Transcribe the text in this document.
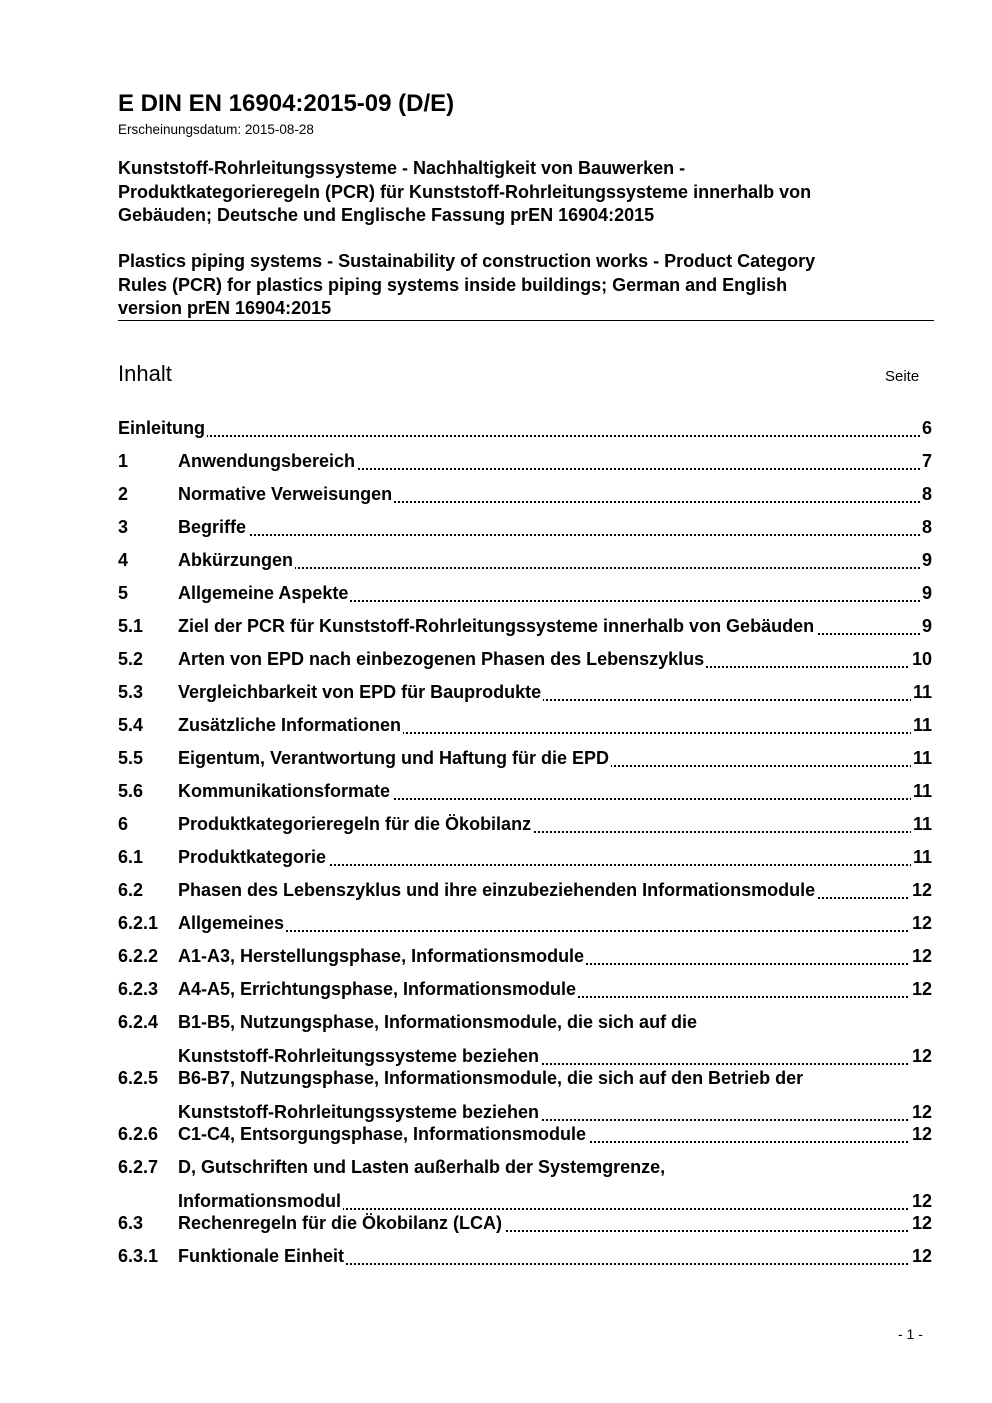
E DIN EN 16904:2015-09 (D/E)
Erscheinungsdatum: 2015-08-28
Kunststoff-Rohrleitungssysteme - Nachhaltigkeit von Bauwerken -
Produktkategorieregeln (PCR) für Kunststoff-Rohrleitungssysteme innerhalb von
Gebäuden; Deutsche und Englische Fassung prEN 16904:2015
Plastics piping systems - Sustainability of construction works - Product Category
Rules (PCR) for plastics piping systems inside buildings; German and English
version prEN 16904:2015
Inhalt	Seite
Einleitung	6
1	Anwendungsbereich	7
2	Normative Verweisungen	8
3	Begriffe	8
4	Abkürzungen	9
5	Allgemeine Aspekte	9
5.1 Ziel der PCR für Kunststoff-Rohrleitungssysteme innerhalb von Gebäuden	9
5.2 Arten von EPD nach einbezogenen Phasen des Lebenszyklus	10
5.3 Vergleichbarkeit von EPD für Bauprodukte	11
5.4 Zusätzliche Informationen	11
5.5 Eigentum, Verantwortung und Haftung für die EPD	11
5.6 Kommunikationsformate	11
6	Produktkategorieregeln für die Ökobilanz	11
6.1 Produktkategorie	11
6.2 Phasen des Lebenszyklus und ihre einzubeziehenden Informationsmodule	12
6.2.1 Allgemeines	12
6.2.2 A1-A3, Herstellungsphase, Informationsmodule	12
6.2.3 A4-A5, Errichtungsphase, Informationsmodule	12
6.2.4 B1-B5, Nutzungsphase, Informationsmodule, die sich auf die
Kunststoff-Rohrleitungssysteme beziehen	12
6.2.5 B6-B7, Nutzungsphase, Informationsmodule, die sich auf den Betrieb der
Kunststoff-Rohrleitungssysteme beziehen	12
6.2.6 C1-C4, Entsorgungsphase, Informationsmodule	12
6.2.7 D, Gutschriften und Lasten außerhalb der Systemgrenze,
Informationsmodul	12
6.3 Rechenregeln für die Ökobilanz (LCA)	12
6.3.1 Funktionale Einheit	12
- 1 -
